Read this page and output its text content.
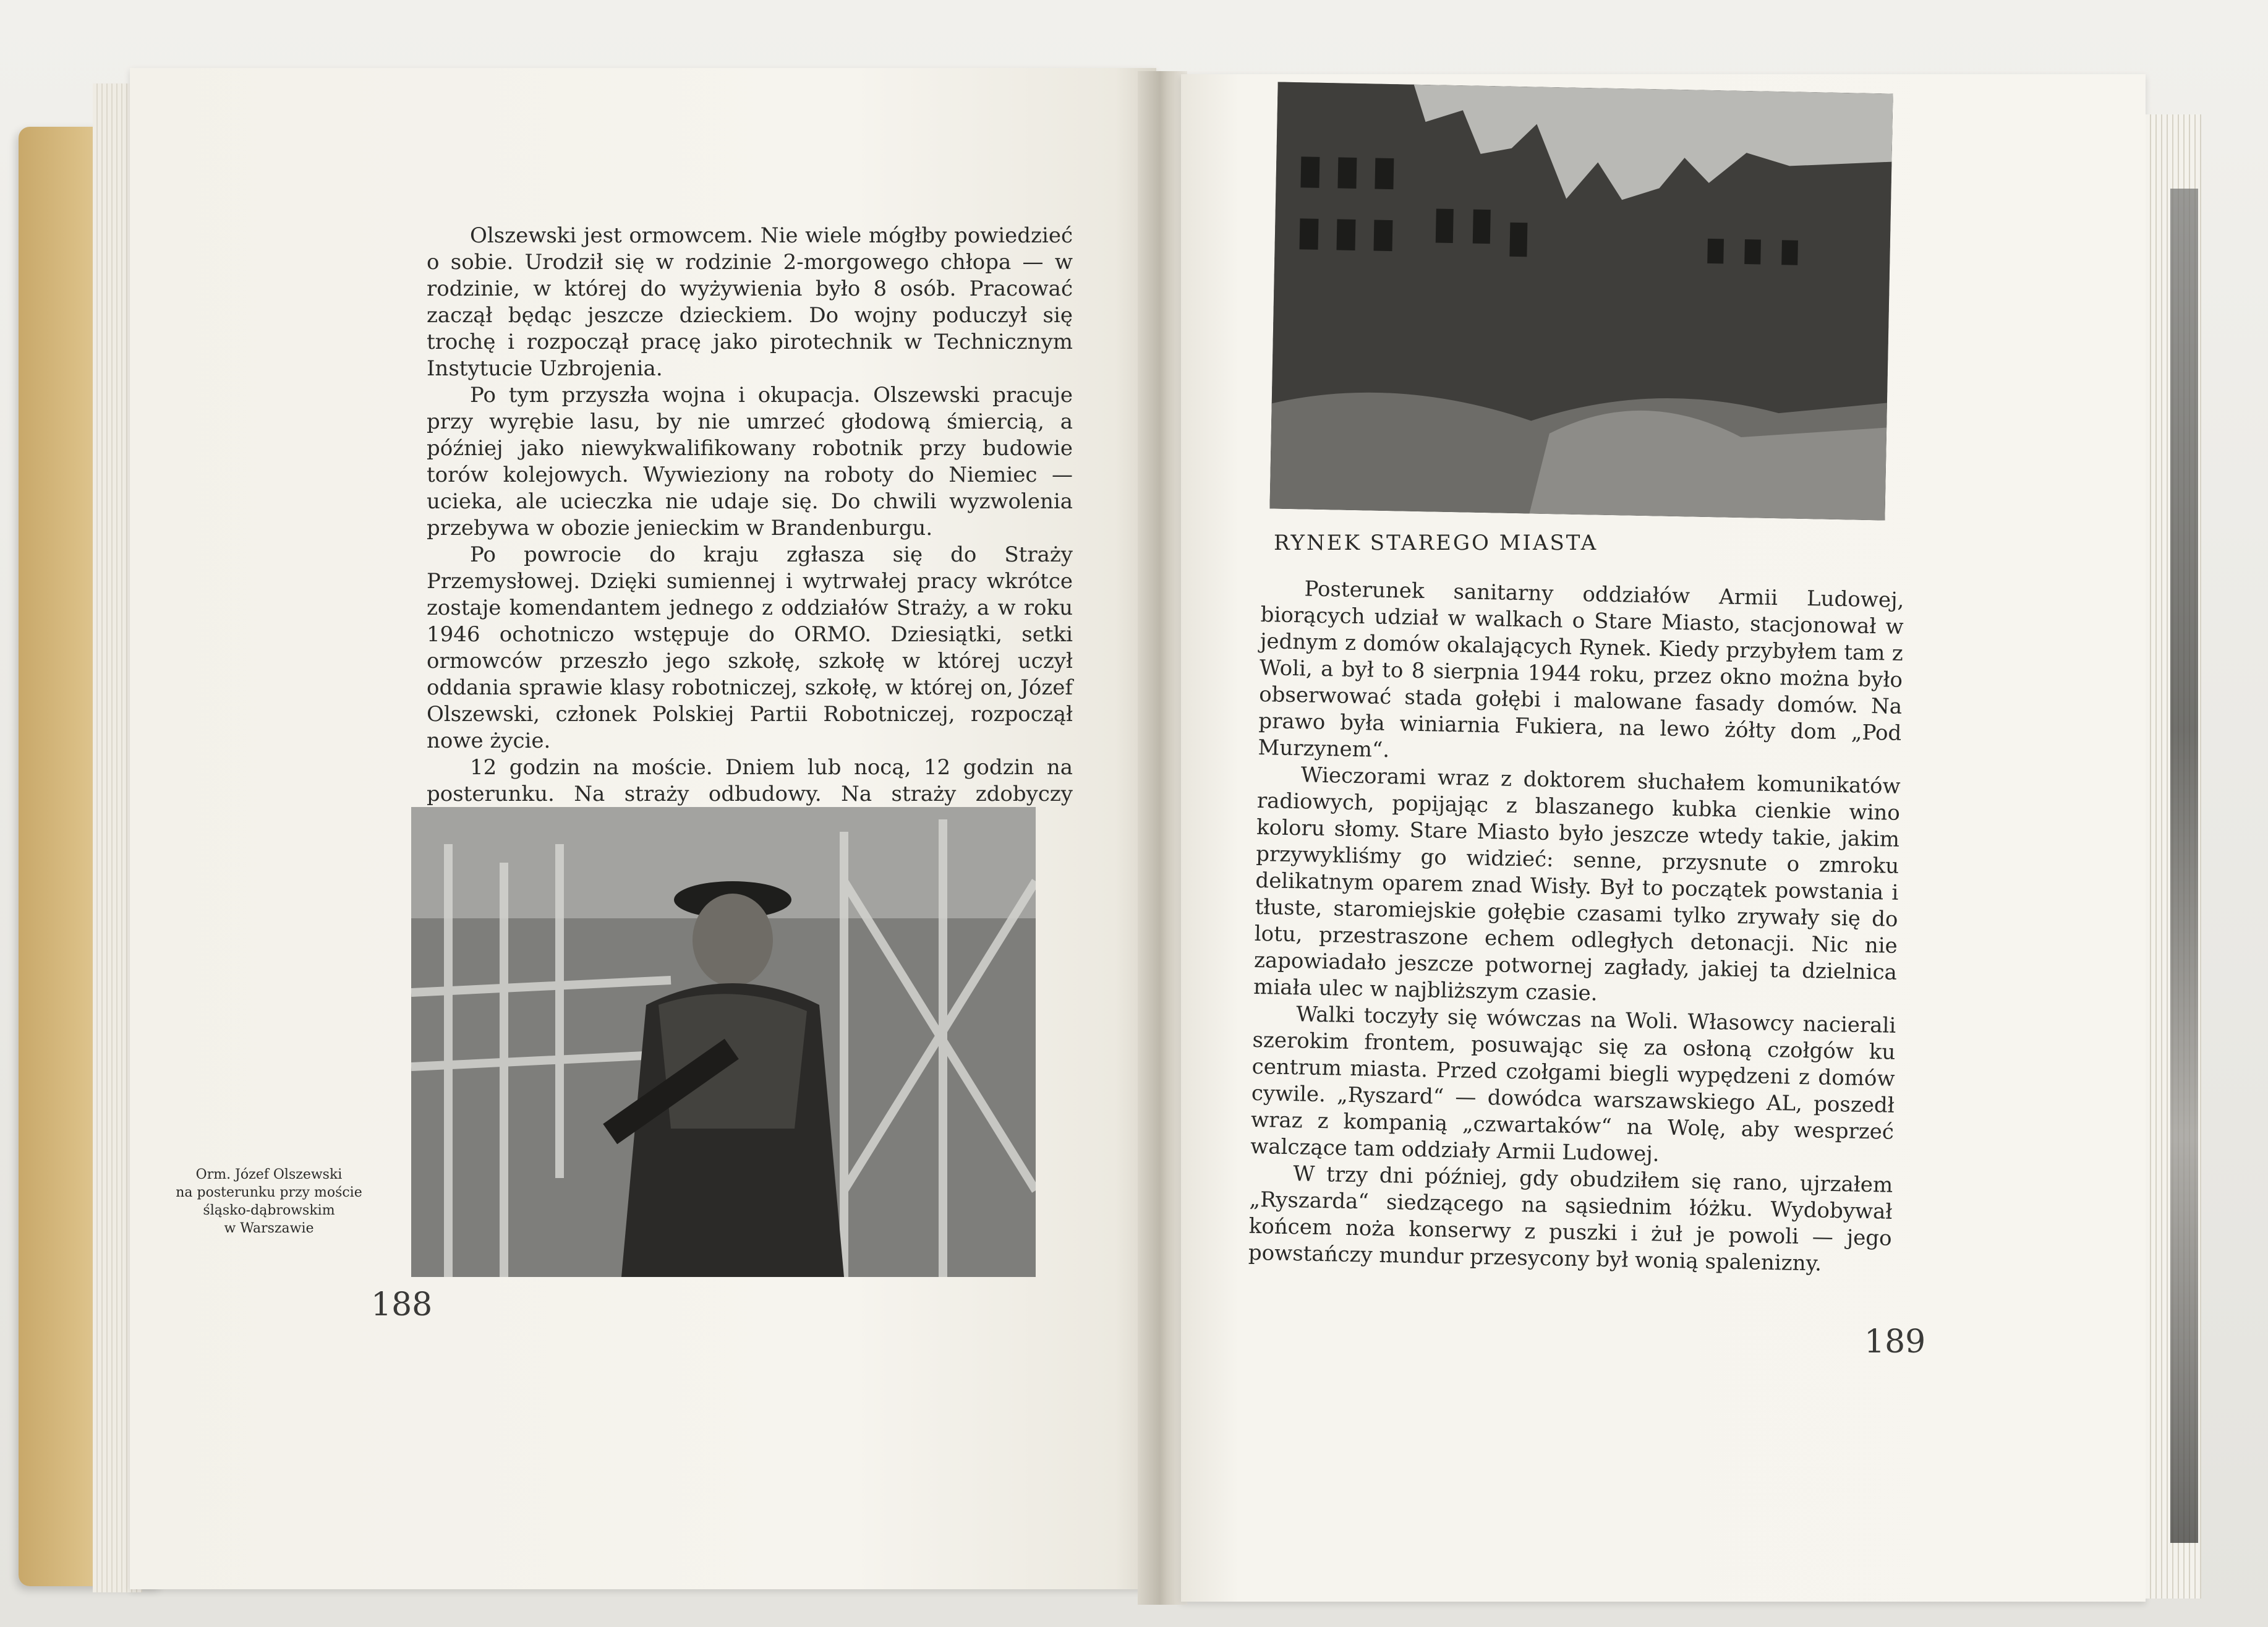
Olszewski jest ormowcem. Nie wiele mógłby powiedzieć o sobie. Urodził się w rodzinie 2-morgowego chłopa — w rodzinie, w której do wyżywienia było 8 osób. Pracować zaczął będąc jeszcze dzieckiem. Do wojny poduczył się trochę i rozpoczął pracę jako pirotechnik w Technicznym Instytucie Uzbrojenia.

Po tym przyszła wojna i okupacja. Olszewski pracuje przy wyrębie lasu, by nie umrzeć głodową śmiercią, a później jako niewykwalifikowany robotnik przy budowie torów kolejowych. Wywieziony na roboty do Niemiec — ucieka, ale ucieczka nie udaje się. Do chwili wyzwolenia przebywa w obozie jenieckim w Brandenburgu.

Po powrocie do kraju zgłasza się do Straży Przemysłowej. Dzięki sumiennej i wytrwałej pracy wkrótce zostaje komendantem jednego z oddziałów Straży, a w roku 1946 ochotniczo wstępuje do ORMO. Dziesiątki, setki ormowców przeszło jego szkołę, szkołę w której uczył oddania sprawie klasy robotniczej, szkołę, w której on, Józef Olszewski, członek Polskiej Partii Robotniczej, rozpoczął nowe życie.

12 godzin na moście. Dniem lub nocą, 12 godzin na posterunku. Na straży odbudowy. Na straży zdobyczy

Orm. Józef Olszewski
na posterunku przy moście
śląsko-dąbrowskim
w Warszawie
188
RYNEK STAREGO MIASTA

Posterunek sanitarny oddziałów Armii Ludowej, biorących udział w walkach o Stare Miasto, stacjonował w jednym z domów okalających Rynek. Kiedy przybyłem tam z Woli, a był to 8 sierpnia 1944 roku, przez okno można było obserwować stada gołębi i malowane fasady domów. Na prawo była winiarnia Fukiera, na lewo żółty dom „Pod Murzynem“.

Wieczorami wraz z doktorem słuchałem komunikatów radiowych, popijając z blaszanego kubka cienkie wino koloru słomy. Stare Miasto było jeszcze wtedy takie, jakim przywykliśmy go widzieć: senne, przysnute o zmroku delikatnym oparem znad Wisły. Był to początek powstania i tłuste, staromiejskie gołębie czasami tylko zrywały się do lotu, przestraszone echem odległych detonacji. Nic nie zapowiadało jeszcze potwornej zagłady, jakiej ta dzielnica miała ulec w najbliższym czasie.

Walki toczyły się wówczas na Woli. Własowcy nacierali szerokim frontem, posuwając się za osłoną czołgów ku centrum miasta. Przed czołgami biegli wypędzeni z domów cywile. „Ryszard“ — dowódca warszawskiego AL, poszedł wraz z kompanią „czwartaków“ na Wolę, aby wesprzeć walczące tam oddziały Armii Ludowej.

W trzy dni później, gdy obudziłem się rano, ujrzałem „Ryszarda“ siedzącego na sąsiednim łóżku. Wydobywał końcem noża konserwy z puszki i żuł je powoli — jego powstańczy mundur przesycony był wonią spalenizny.

189
